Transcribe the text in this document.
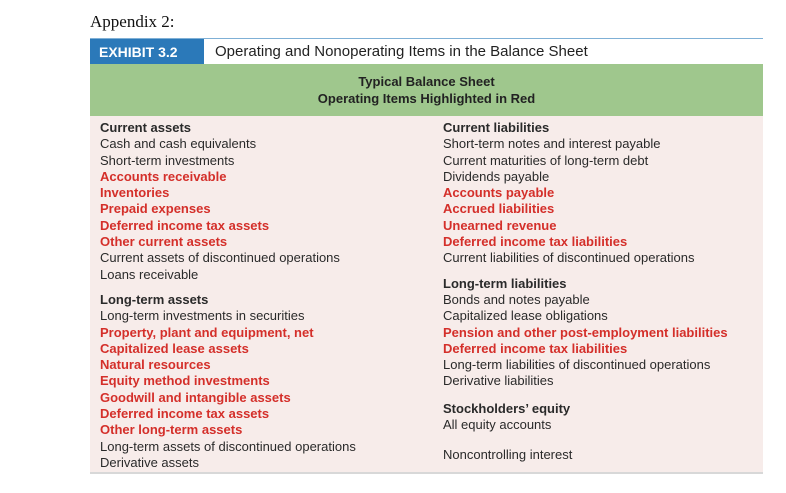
Appendix 2:
EXHIBIT 3.2	Operating and Nonoperating Items in the Balance Sheet
Typical Balance Sheet
Operating Items Highlighted in Red
Current assets
Cash and cash equivalents
Short-term investments
Accounts receivable
Inventories
Prepaid expenses
Deferred income tax assets
Other current assets
Current assets of discontinued operations
Loans receivable
Long-term assets
Long-term investments in securities
Property, plant and equipment, net
Capitalized lease assets
Natural resources
Equity method investments
Goodwill and intangible assets
Deferred income tax assets
Other long-term assets
Long-term assets of discontinued operations
Derivative assets
Current liabilities
Short-term notes and interest payable
Current maturities of long-term debt
Dividends payable
Accounts payable
Accrued liabilities
Unearned revenue
Deferred income tax liabilities
Current liabilities of discontinued operations
Long-term liabilities
Bonds and notes payable
Capitalized lease obligations
Pension and other post-employment liabilities
Deferred income tax liabilities
Long-term liabilities of discontinued operations
Derivative liabilities
Stockholders’ equity
All equity accounts
Noncontrolling interest
